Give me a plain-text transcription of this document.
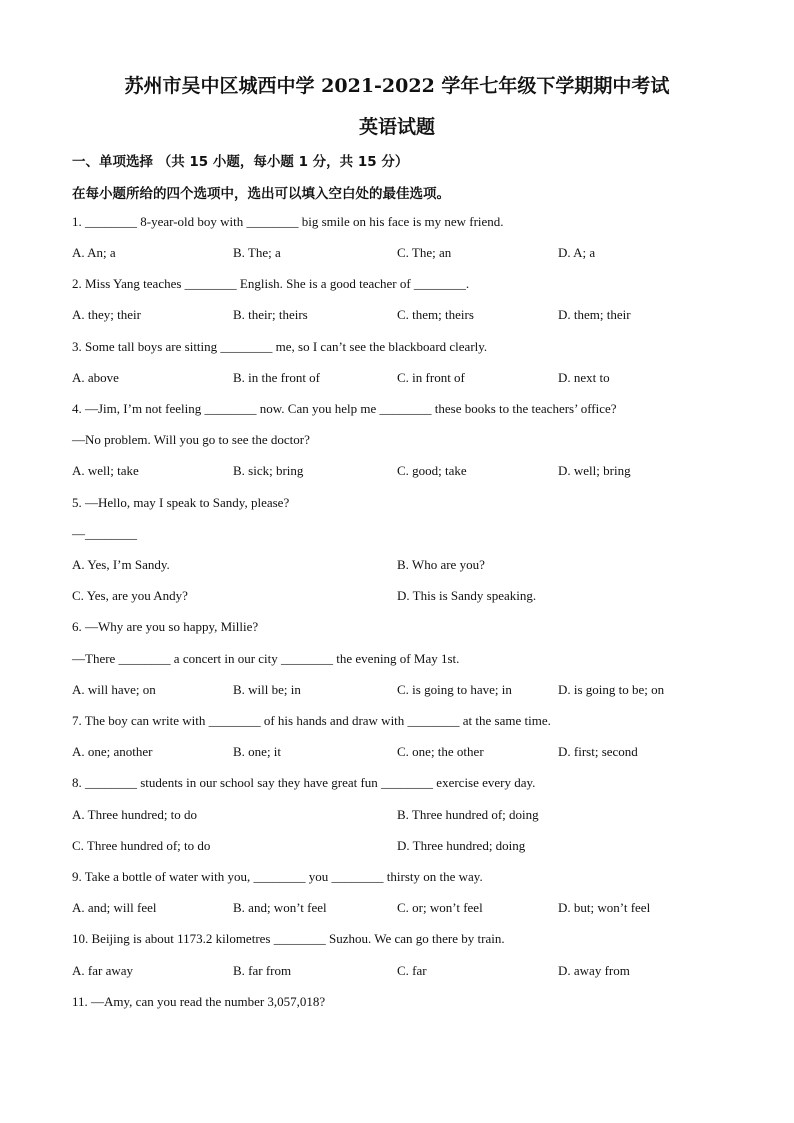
苏州市吴中区城西中学 2021-2022 学年七年级下学期期中考试
英语试题
一、单项选择 （共 15 小题，每小题 1 分，共 15 分）
在每小题所给的四个选项中，选出可以填入空白处的最佳选项。
1. ________ 8-year-old boy with ________ big smile on his face is my new friend.
A. An; a	B. The; a	C. The; an	D. A; a
2. Miss Yang teaches ________ English. She is a good teacher of ________.
A. they; their	B. their; theirs	C. them; theirs	D. them; their
3. Some tall boys are sitting ________ me, so I can’t see the blackboard clearly.
A. above	B. in the front of	C. in front of	D. next to
4. —Jim, I’m not feeling ________ now. Can you help me ________ these books to the teachers’ office?
—No problem. Will you go to see the doctor?
A. well; take	B. sick; bring	C. good; take	D. well; bring
5. —Hello, may I speak to Sandy, please?
—________
A. Yes, I’m Sandy.	B. Who are you?
C. Yes, are you Andy?	D. This is Sandy speaking.
6. —Why are you so happy, Millie?
—There ________ a concert in our city ________ the evening of May 1st.
A. will have; on	B. will be; in	C. is going to have; in	D. is going to be; on
7. The boy can write with ________ of his hands and draw with ________ at the same time.
A. one; another	B. one; it	C. one; the other	D. first; second
8. ________ students in our school say they have great fun ________ exercise every day.
A. Three hundred; to do	B. Three hundred of; doing
C. Three hundred of; to do	D. Three hundred; doing
9. Take a bottle of water with you, ________ you ________ thirsty on the way.
A. and; will feel	B. and; won’t feel	C. or; won’t feel	D. but; won’t feel
10. Beijing is about 1173.2 kilometres ________ Suzhou. We can go there by train.
A. far away	B. far from	C. far	D. away from
11. —Amy, can you read the number 3,057,018?
